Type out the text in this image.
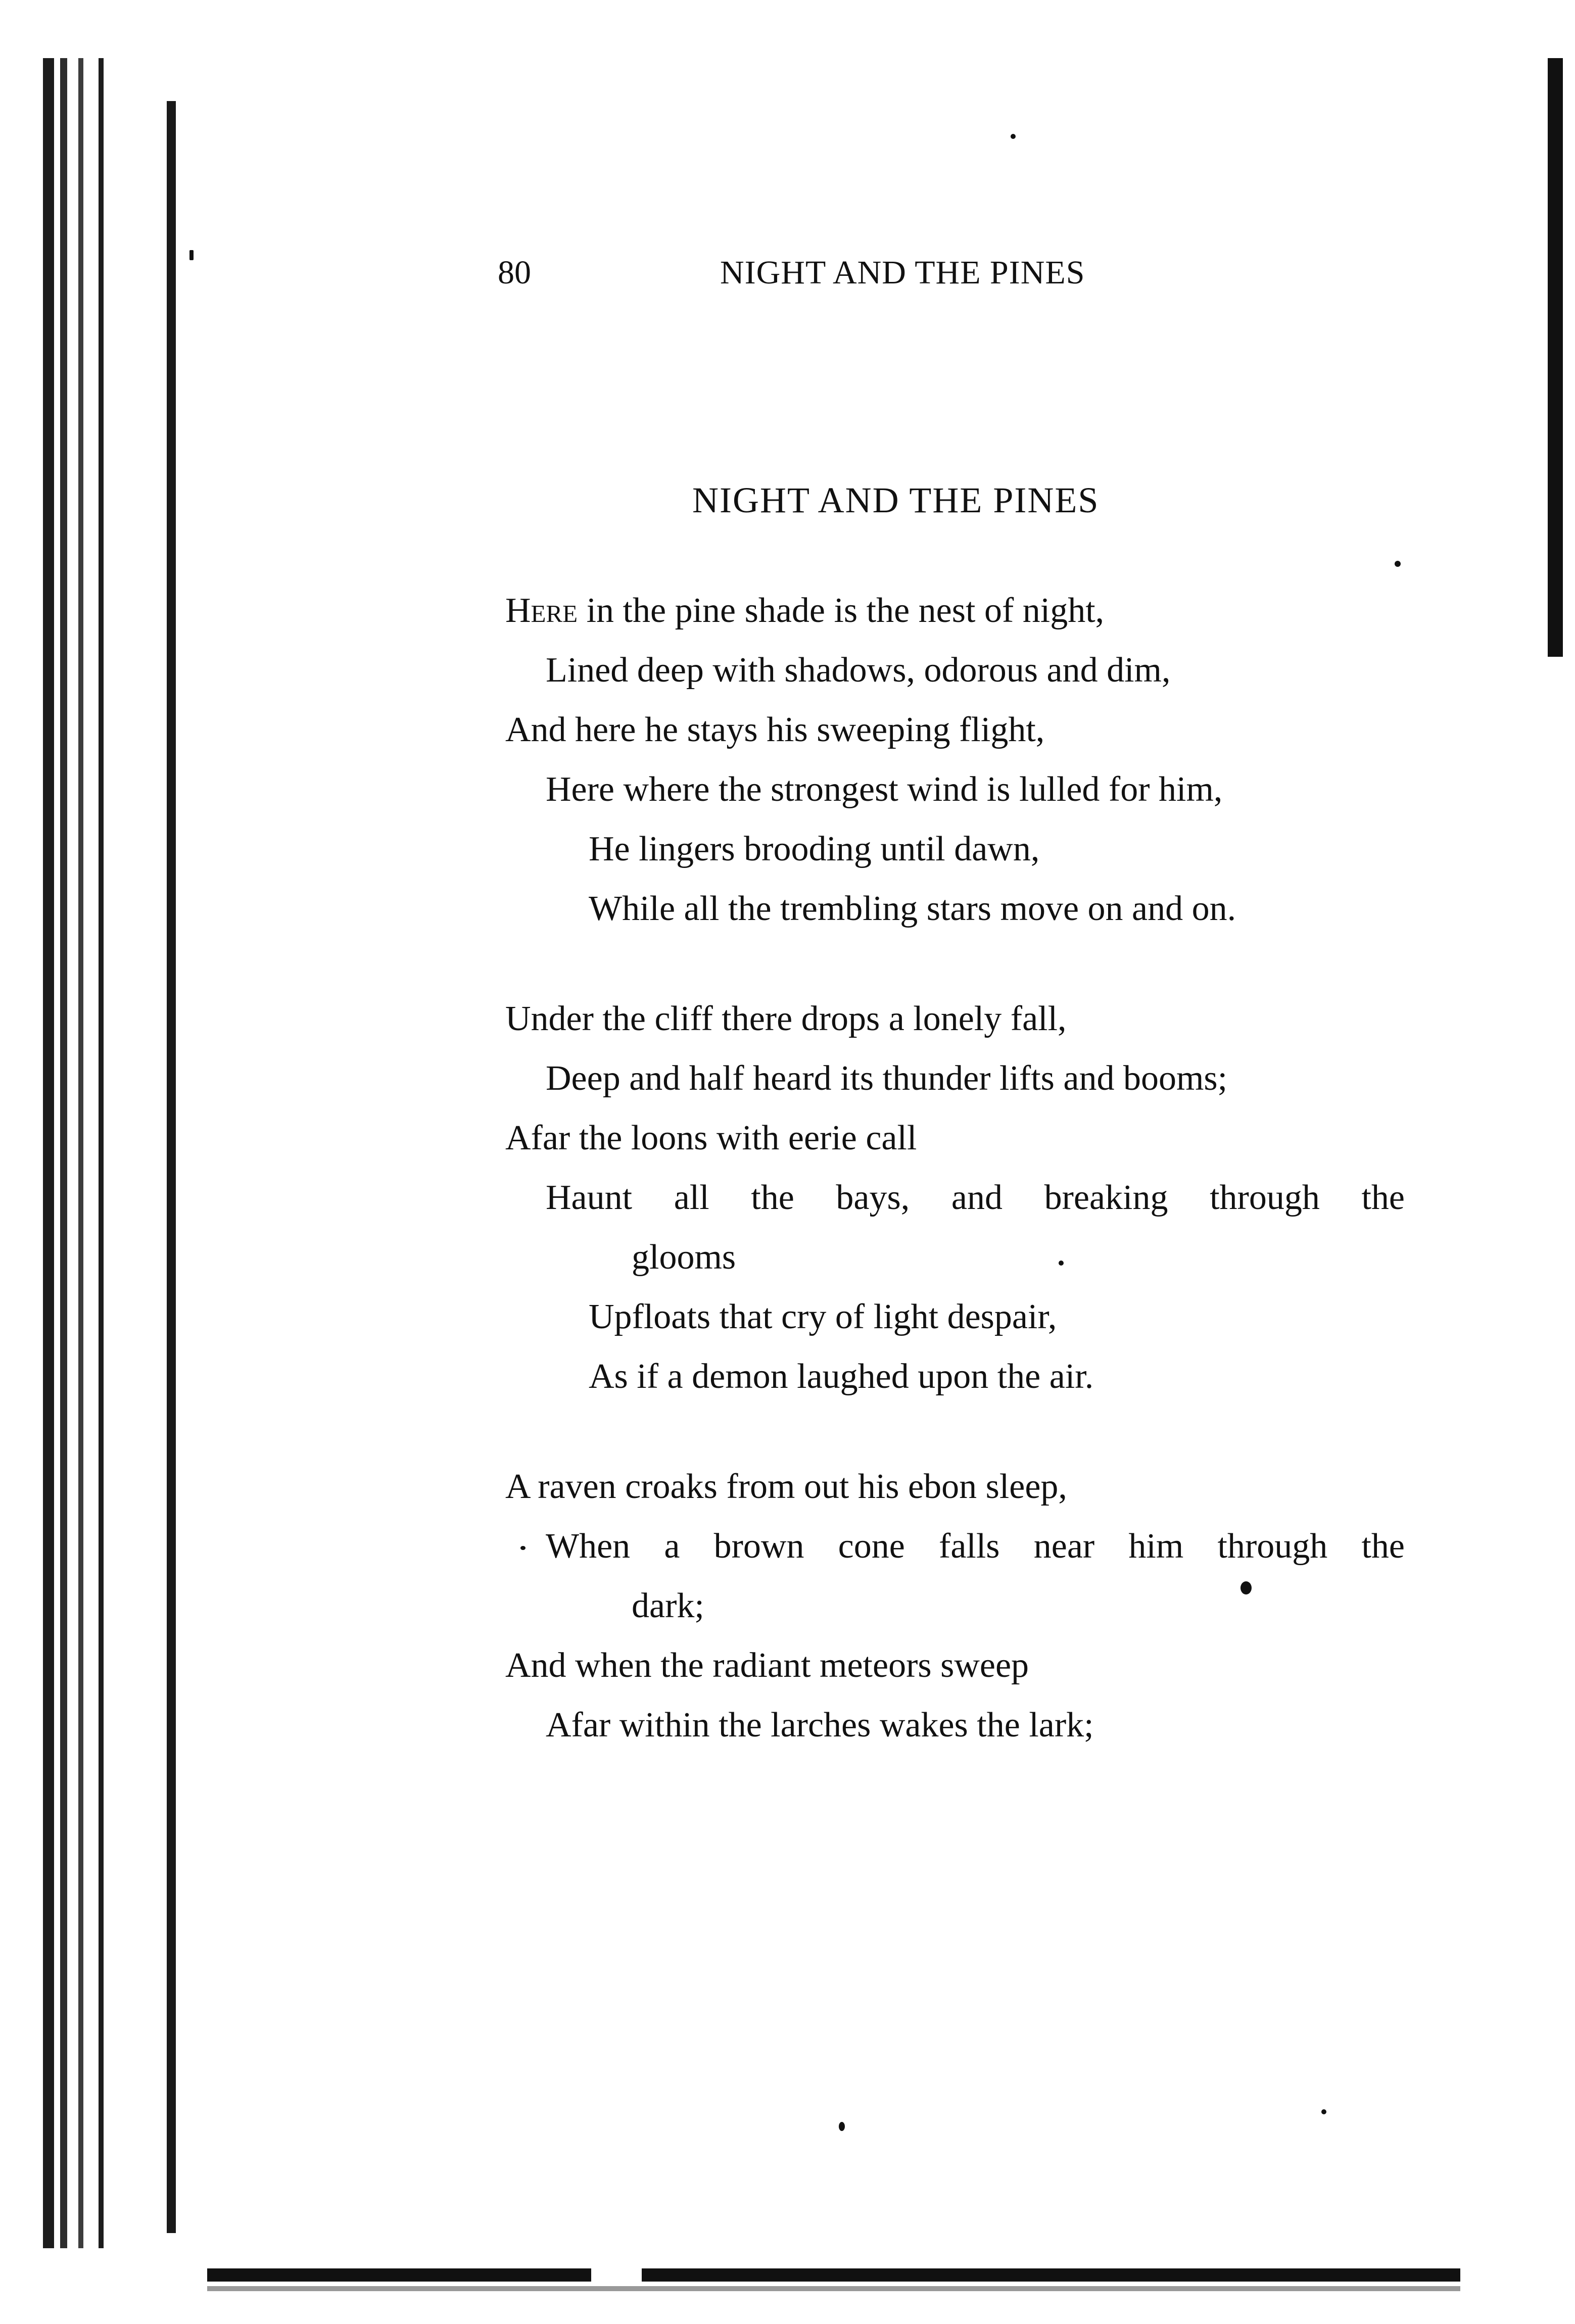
80	NIGHT AND THE PINES
NIGHT AND THE PINES
Here in the pine shade is the nest of night,
Lined deep with shadows, odorous and dim,
And here he stays his sweeping flight,
Here where the strongest wind is lulled for him,
He lingers brooding until dawn,
While all the trembling stars move on and on.
Under the cliff there drops a lonely fall,
Deep and half heard its thunder lifts and booms;
Afar the loons with eerie call
Haunt all the bays, and breaking through the
glooms
Upfloats that cry of light despair,
As if a demon laughed upon the air.
A raven croaks from out his ebon sleep,
When a brown cone falls near him through the
dark;
And when the radiant meteors sweep
Afar within the larches wakes the lark;
